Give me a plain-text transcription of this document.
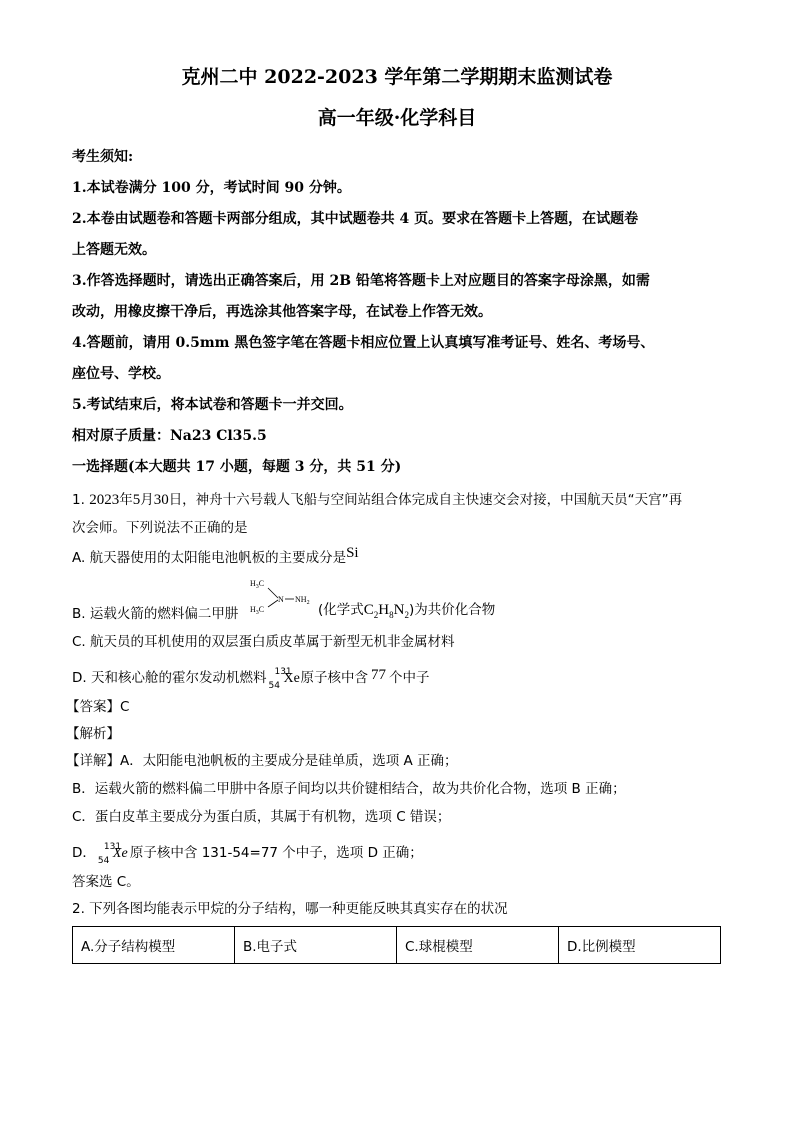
克州二中 2022-2023 学年第二学期期末监测试卷
高一年级·化学科目
考生须知:
1.本试卷满分 100 分，考试时间 90 分钟。
2.本卷由试题卷和答题卡两部分组成，其中试题卷共 4 页。要求在答题卡上答题，在试题卷
上答题无效。
3.作答选择题时，请选出正确答案后，用 2B 铅笔将答题卡上对应题目的答案字母涂黑，如需
改动，用橡皮擦干净后，再选涂其他答案字母，在试卷上作答无效。
4.答题前，请用 0.5mm 黑色签字笔在答题卡相应位置上认真填写准考证号、姓名、考场号、
座位号、学校。
5.考试结束后，将本试卷和答题卡一并交回。
相对原子质量：Na23 Cl35.5
一选择题(本大题共 17 小题，每题 3 分，共 51 分)
1. 2023年5月30日，神舟十六号载人飞船与空间站组合体完成自主快速交会对接，中国航天员“天宫”再
次会师。下列说法不正确的是
A. 航天器使用的太阳能电池帆板的主要成分是Si
B. 运载火箭的燃料偏二甲肼
$H_3C$
$H_3C$
N $NH_2$ (化学式$C_2H_8N_2$)为共价化合物
C. 航天员的耳机使用的双层蛋白质皮革属于新型无机非金属材料
D. 天和核心舱的霍尔发动机燃料 131
54 Xe 原子核中含 77 个中子
【答案】C
【解析】
【详解】A．太阳能电池帆板的主要成分是硅单质，选项 A 正确；
B．运载火箭的燃料偏二甲肼中各原子间均以共价键相结合，故为共价化合物，选项 B 正确；
C．蛋白皮革主要成分为蛋白质，其属于有机物，选项 C 错误；
D． 131
54 Xe 原子核中含 131-54=77 个中子，选项 D 正确；
答案选 C。
2. 下列各图均能表示甲烷的分子结构，哪一种更能反映其真实存在的状况
A.分子结构模型	B.电子式	C.球棍模型	D.比例模型
